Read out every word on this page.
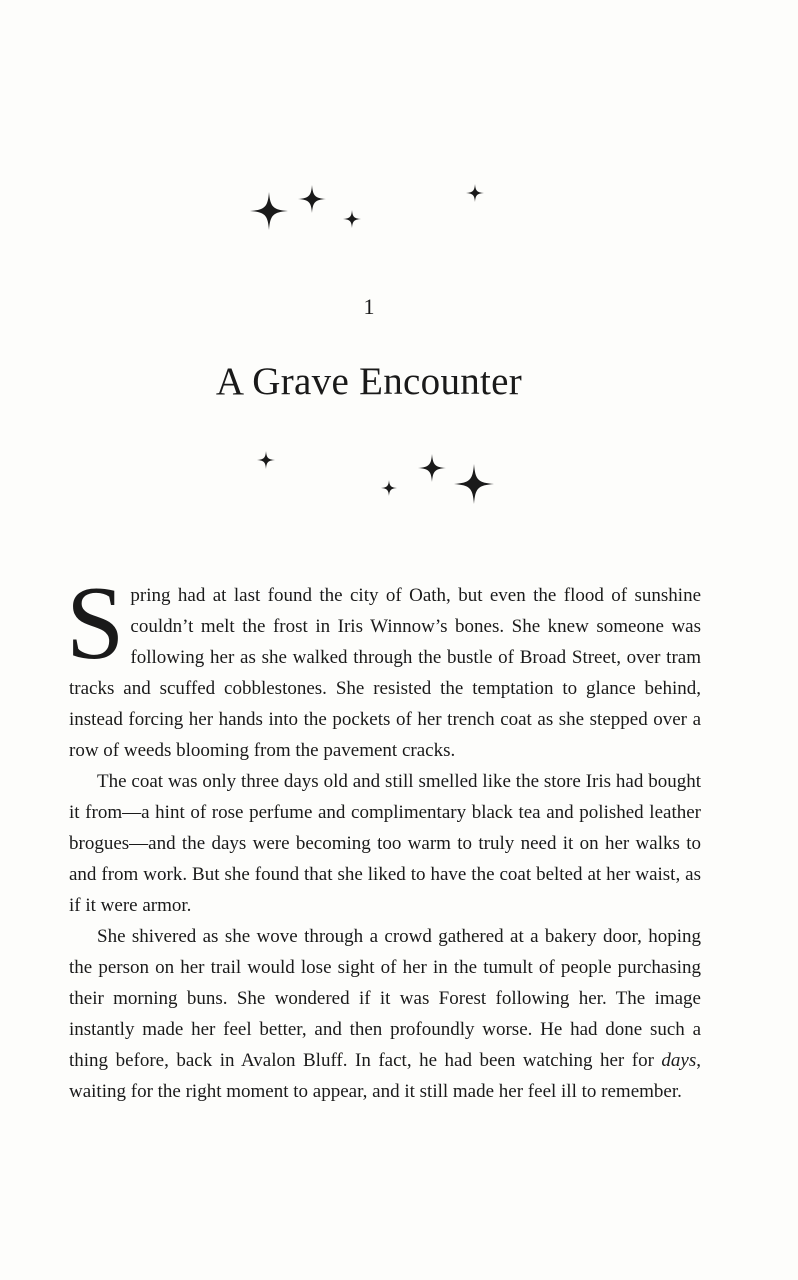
1
A Grave Encounter

Spring had at last found the city of Oath, but even the flood of sunshine couldn’t melt the frost in Iris Winnow’s bones. She knew someone was following her as she walked through the bustle of Broad Street, over tram tracks and scuffed cobblestones. She resisted the temptation to glance behind, instead forcing her hands into the pockets of her trench coat as she stepped over a row of weeds blooming from the pavement cracks.

The coat was only three days old and still smelled like the store Iris had bought it from—a hint of rose perfume and complimentary black tea and polished leather brogues—and the days were becoming too warm to truly need it on her walks to and from work. But she found that she liked to have the coat belted at her waist, as if it were armor.

She shivered as she wove through a crowd gathered at a bakery door, hoping the person on her trail would lose sight of her in the tumult of people purchasing their morning buns. She wondered if it was Forest following her. The image instantly made her feel better, and then profoundly worse. He had done such a thing before, back in Avalon Bluff. In fact, he had been watching her for days, waiting for the right moment to appear, and it still made her feel ill to remember.
